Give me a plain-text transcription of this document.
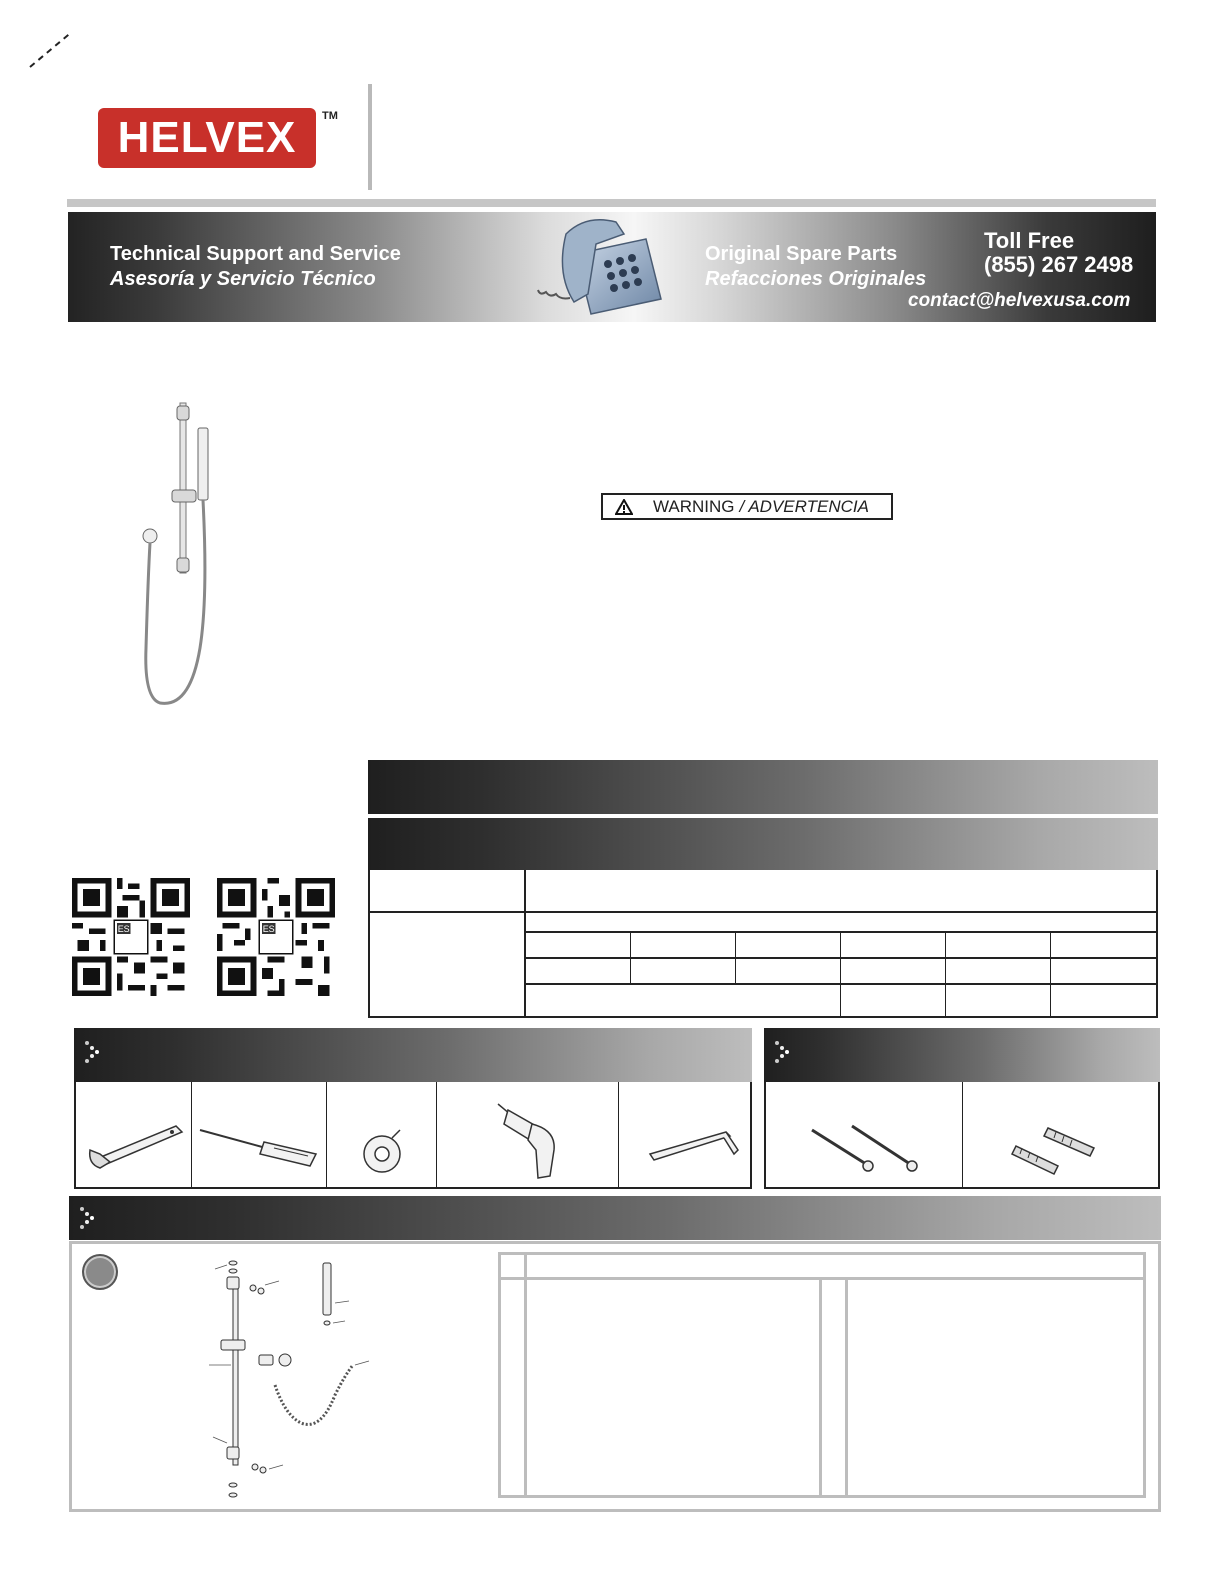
HELVEX TM
Technical Support and Service
Asesoría y Servicio Técnico
Original Spare Parts
Refacciones Originales
Toll Free
(855) 267 2498
contact@helvexusa.com
WARNING / ADVERTENCIA
ES	ES
